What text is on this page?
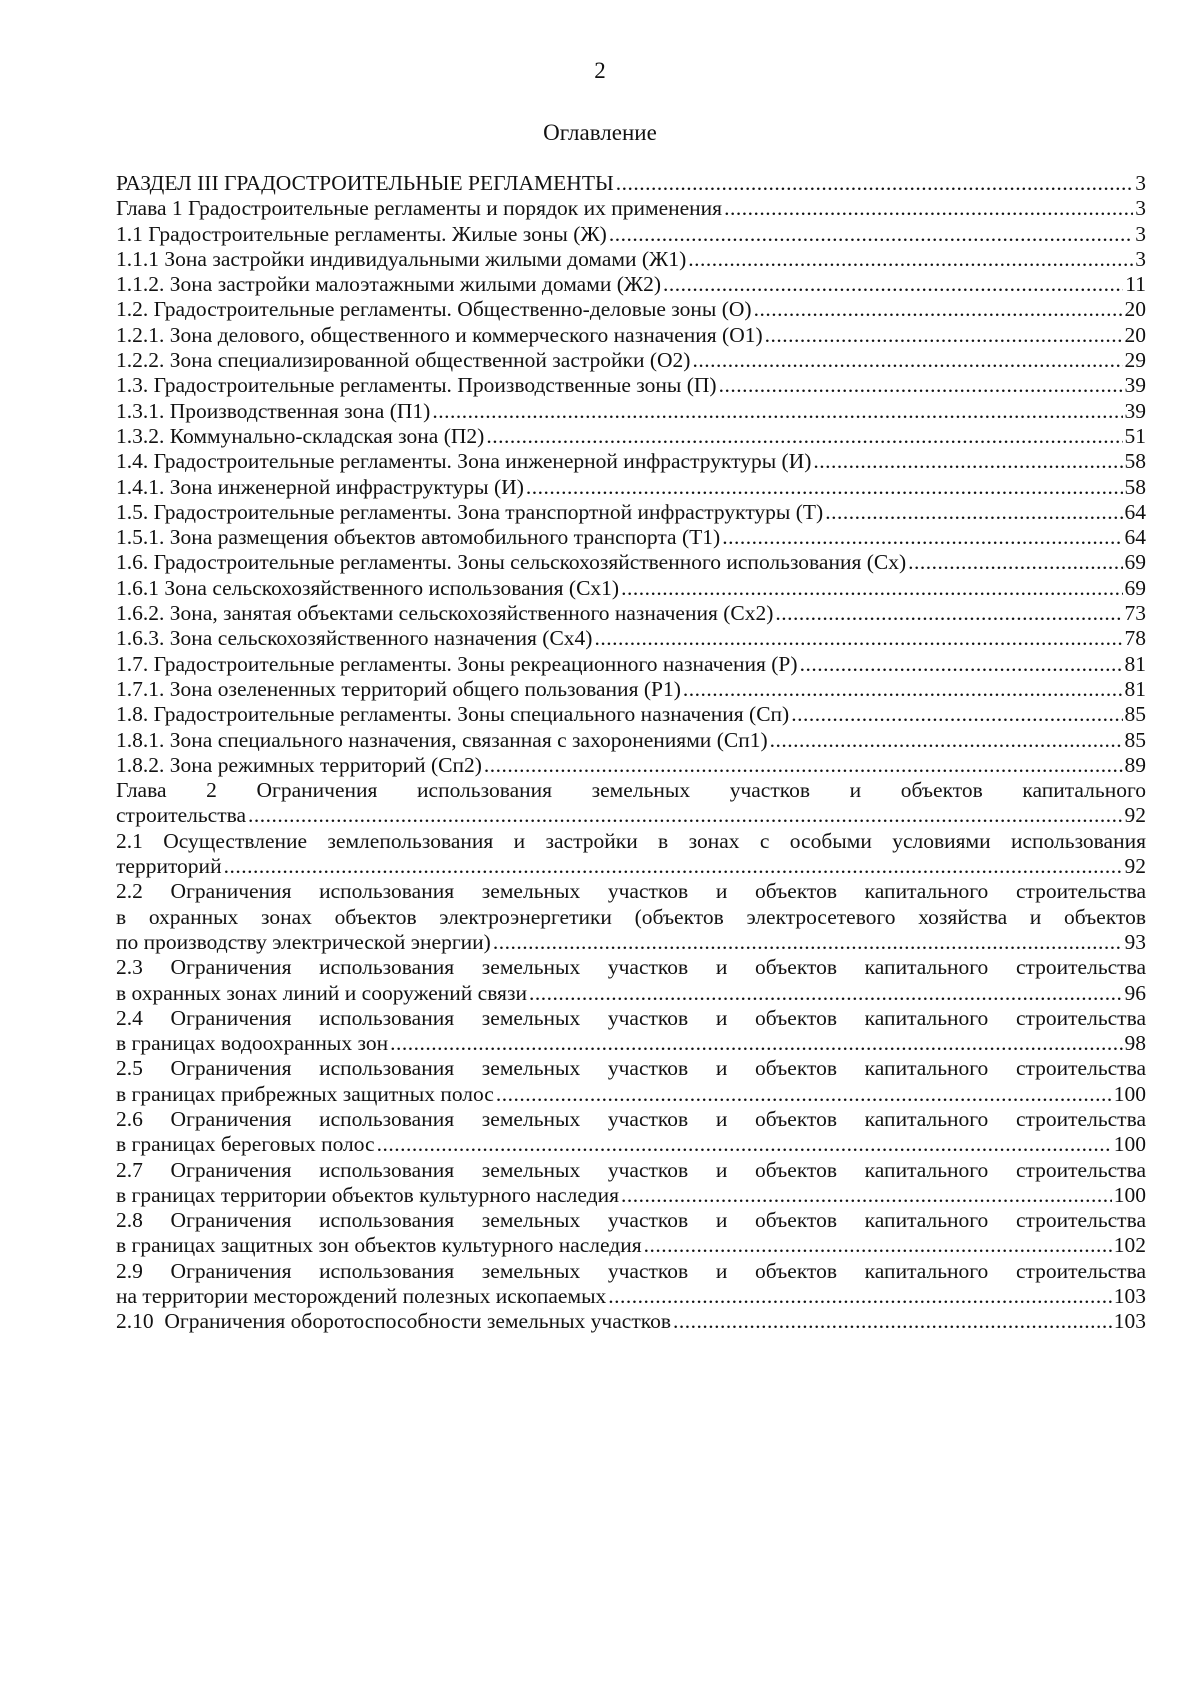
2
Оглавление
РАЗДЕЛ III ГРАДОСТРОИТЕЛЬНЫЕ РЕГЛАМЕНТЫ .....	3
Глава 1 Градостроительные регламенты и порядок их применения .....	3
1.1 Градостроительные регламенты. Жилые зоны (Ж) .....	3
1.1.1 Зона застройки индивидуальными жилыми домами (Ж1) .....	3
1.1.2. Зона застройки малоэтажными жилыми домами (Ж2) .....	11
1.2. Градостроительные регламенты. Общественно-деловые зоны (О) .....	20
1.2.1. Зона делового, общественного и коммерческого назначения (О1) .....	20
1.2.2. Зона специализированной общественной застройки (О2) .....	29
1.3. Градостроительные регламенты. Производственные зоны (П) .....	39
1.3.1. Производственная зона (П1) .....	39
1.3.2. Коммунально-складская зона (П2) .....	51
1.4. Градостроительные регламенты. Зона инженерной инфраструктуры (И) .....	58
1.4.1. Зона инженерной инфраструктуры (И) .....	58
1.5. Градостроительные регламенты. Зона транспортной инфраструктуры (Т) .....	64
1.5.1. Зона размещения объектов автомобильного транспорта (Т1) .....	64
1.6. Градостроительные регламенты. Зоны сельскохозяйственного использования (Сх) .....	69
1.6.1 Зона сельскохозяйственного использования (Сх1) .....	69
1.6.2. Зона, занятая объектами сельскохозяйственного назначения (Сх2) .....	73
1.6.3. Зона сельскохозяйственного назначения (Сх4) .....	78
1.7. Градостроительные регламенты. Зоны рекреационного назначения (Р) .....	81
1.7.1. Зона озелененных территорий общего пользования (Р1) .....	81
1.8. Градостроительные регламенты. Зоны специального назначения (Сп) .....	85
1.8.1. Зона специального назначения, связанная с захоронениями (Сп1) .....	85
1.8.2. Зона режимных территорий (Сп2) .....	89
Глава 2 Ограничения использования земельных участков и объектов капитального
строительства .....	92
2.1 Осуществление землепользования и застройки в зонах с особыми условиями использования
территорий .....	92
2.2 Ограничения использования земельных участков и объектов капитального строительства
в охранных зонах объектов электроэнергетики (объектов электросетевого хозяйства и объектов
по производству электрической энергии) .....	93
2.3 Ограничения использования земельных участков и объектов капитального строительства
в охранных зонах линий и сооружений связи .....	96
2.4 Ограничения использования земельных участков и объектов капитального строительства
в границах водоохранных зон .....	98
2.5 Ограничения использования земельных участков и объектов капитального строительства
в границах прибрежных защитных полос .....	100
2.6 Ограничения использования земельных участков и объектов капитального строительства
в границах береговых полос .....	100
2.7 Ограничения использования земельных участков и объектов капитального строительства
в границах территории объектов культурного наследия .....	100
2.8 Ограничения использования земельных участков и объектов капитального строительства
в границах защитных зон объектов культурного наследия .....	102
2.9 Ограничения использования земельных участков и объектов капитального строительства
на территории месторождений полезных ископаемых .....	103
2.10  Ограничения оборотоспособности земельных участков .....	103
